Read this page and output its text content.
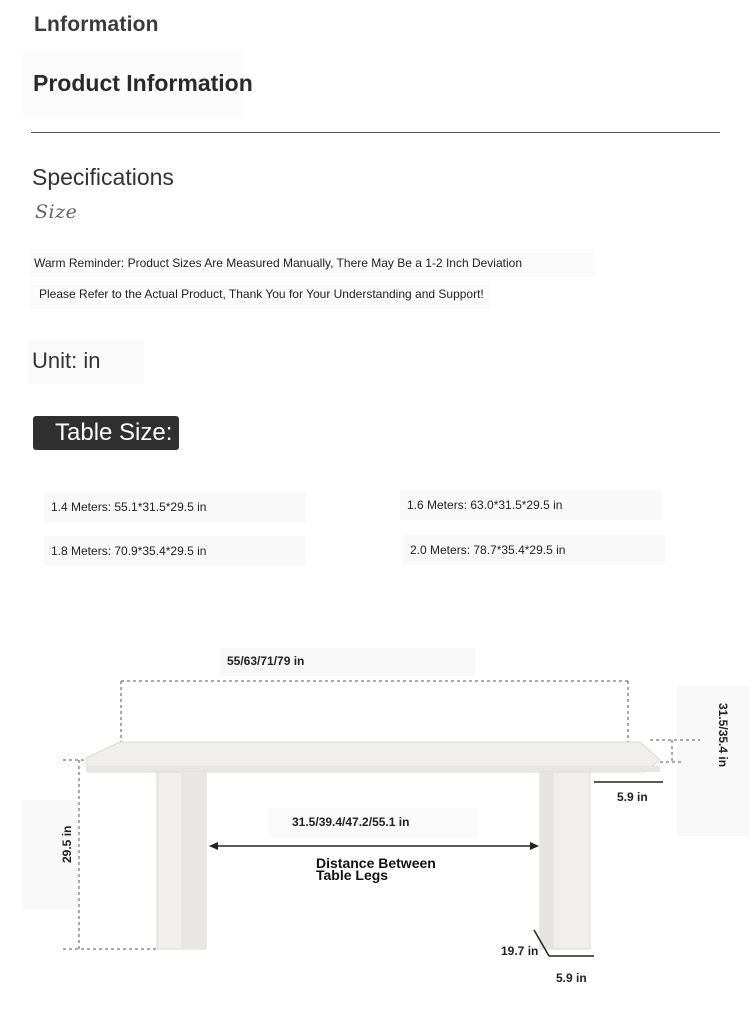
Lnformation
Product Information
Specifications
Size
Warm Reminder: Product Sizes Are Measured Manually, There May Be a 1-2 Inch Deviation
Please Refer to the Actual Product, Thank You for Your Understanding and Support!
Unit: in
Table Size:
1.4 Meters: 55.1*31.5*29.5 in	1.6 Meters: 63.0*31.5*29.5 in
1.8 Meters: 70.9*35.4*29.5 in	2.0 Meters: 78.7*35.4*29.5 in
55/63/71/79 in
31.5/35.4 in
29.5 in
5.9 in
31.5/39.4/47.2/55.1 in
Distance Between
Table Legs
19.7 in
5.9 in
